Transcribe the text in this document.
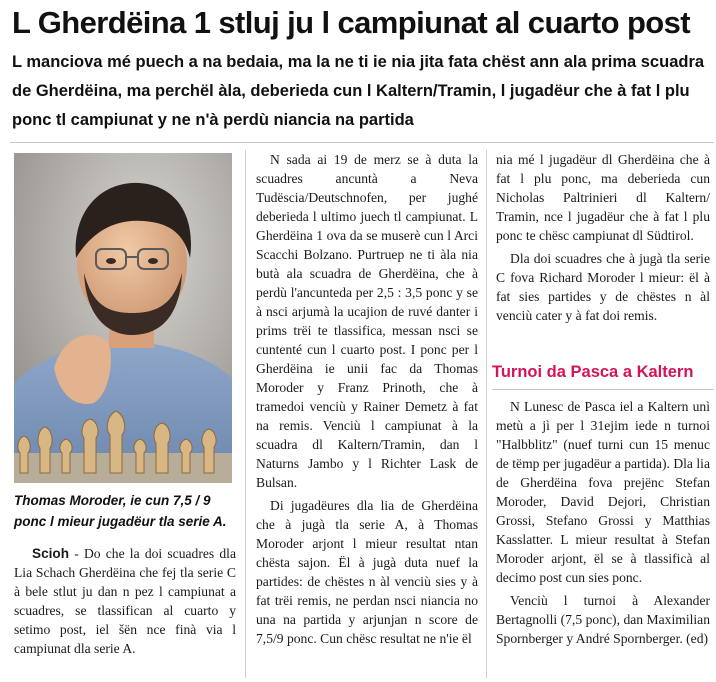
L Gherdëina 1 stluj ju l campiunat al cuarto post
L manciova mé puech a na bedaia, ma la ne ti ie nia jita fata chëst ann ala prima scuadra de Gherdëina, ma perchël àla, deberieda cun l Kaltern/Tramin, l jugadëur che à fat l plu ponc tl campiunat y ne n'à perdù niancia na partida
Thomas Moroder, ie cun 7,5 / 9 ponc l mieur jugadëur tla serie A.

Scioh - Do che la doi scuadres dla Lia Schach Gherdëina che fej tla serie C à bele stlut ju dan n pez l campiunat a scuadres, se tlassifican al cuarto y setimo post, iel šën nce finà via l campiunat dla serie A.

N sada ai 19 de merz se à duta la scuadres ancuntà a Neva Tudëscia/Deutschnofen, per jughé deberieda l ultimo juech tl campiunat. L Gherdëina 1 ova da se muserè cun l Arci Scacchi Bolzano. Purtruep ne ti àla nia butà ala scuadra de Gherdëina, che à perdù l'ancunteda per 2,5 : 3,5 ponc y se à nsci arjumà la ucajion de ruvé danter i prims trëi te tlassifica, messan nsci se cuntenté cun l cuarto post. I ponc per l Gherdëina ie unii fac da Thomas Moroder y Franz Prinoth, che à tramedoi venciù y Rainer Demetz à fat na remis. Venciù l campiunat à la scuadra dl Kaltern/Tramin, dan l Naturns Jambo y l Richter Lask de Bulsan.

Di jugadëures dla lia de Gherdëina che à jugà tla serie A, à Thomas Moroder arjont l mieur resultat ntan chësta sajon. Ël à jugà duta nuef la partides: de chëstes n àl venciù sies y à fat trëi remis, ne perdan nsci niancia no una na partida y arjunjan n score de 7,5/9 ponc. Cun chësc resultat ne n'ie ël

nia mé l jugadëur dl Gherdëina che à fat l plu ponc, ma deberieda cun Nicholas Paltrinieri dl Kaltern/ Tramin, nce l jugadëur che à fat l plu ponc te chësc campiunat dl Südtirol.

Dla doi scuadres che à jugà tla serie C fova Richard Moroder l mieur: ël à fat sies partides y de chëstes n àl venciù cater y à fat doi remis.

Turnoi da Pasca a Kaltern

N Lunesc de Pasca iel a Kaltern unì metù a jì per l 31ejim iede n turnoi "Halbblitz" (nuef turni cun 15 menuc de tëmp per jugadëur a partida). Dla lia de Gherdëina fova prejënc Stefan Moroder, David Dejori, Christian Grossi, Stefano Grossi y Matthias Kasslatter. L mieur resultat à Stefan Moroder arjont, ël se à tlassificà al decimo post cun sies ponc.

Venciù l turnoi à Alexander Bertagnolli (7,5 ponc), dan Maximilian Spornberger y André Spornberger. (ed)
